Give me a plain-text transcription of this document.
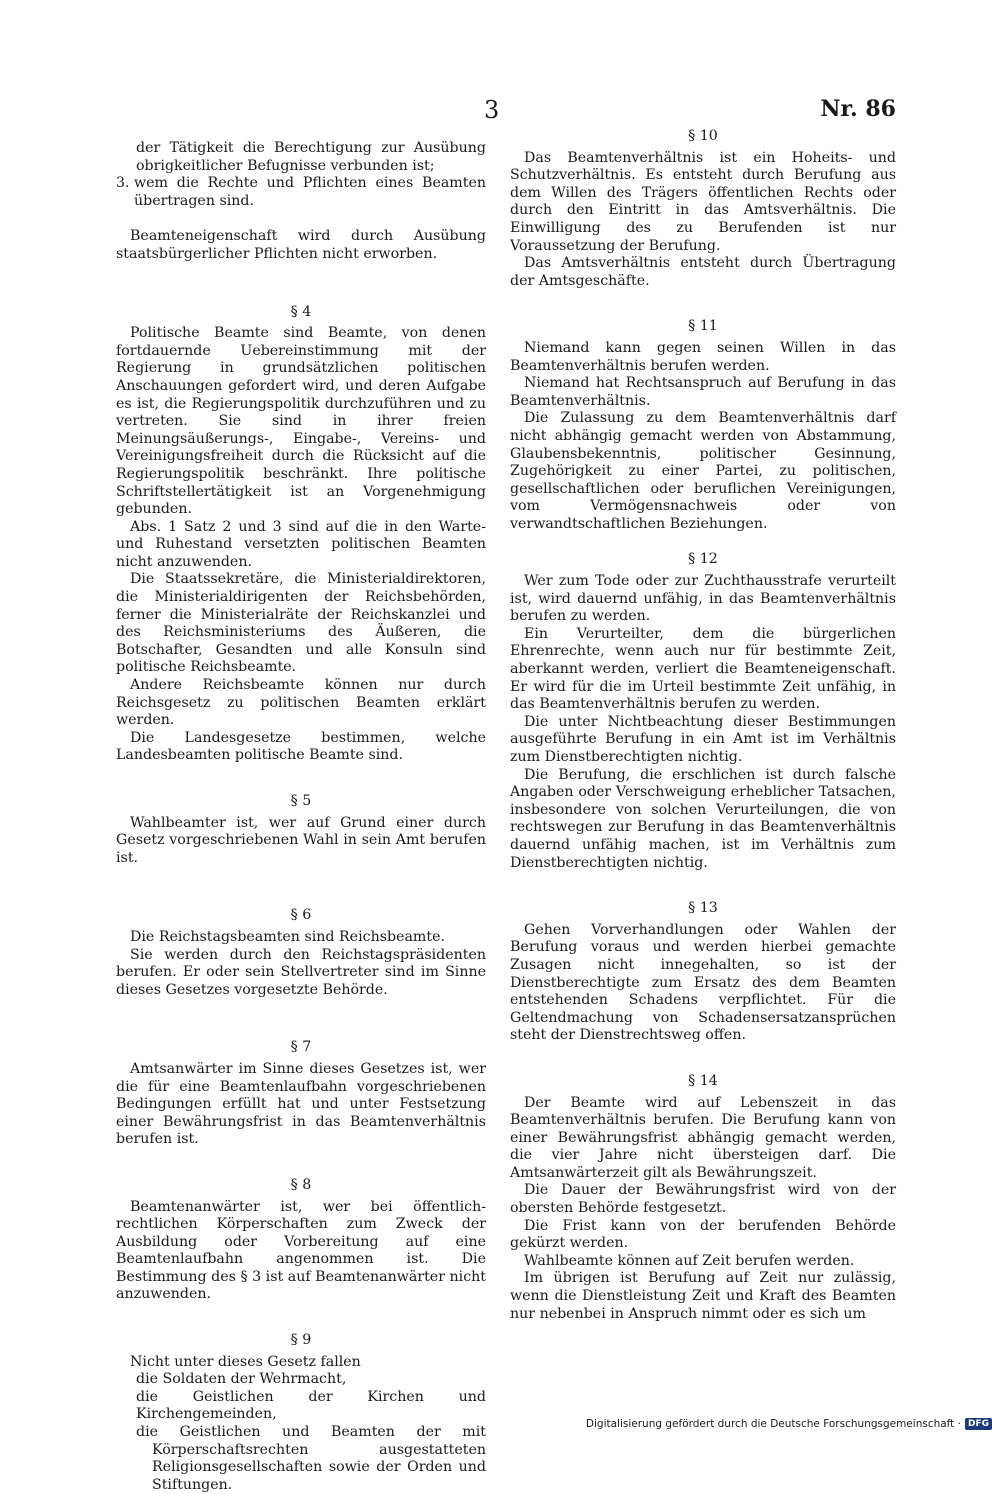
3	Nr. 86

der Tätigkeit die Berechtigung zur Ausübung obrigkeitlicher Befugnisse verbunden ist;

3. wem die Rechte und Pflichten eines Beamten übertragen sind.

Beamteneigenschaft wird durch Ausübung staatsbürgerlicher Pflichten nicht erworben.

§ 4

Politische Beamte sind Beamte, von denen fortdauernde Uebereinstimmung mit der Regierung in grundsätzlichen politischen Anschauungen gefordert wird, und deren Aufgabe es ist, die Regierungspolitik durchzuführen und zu vertreten. Sie sind in ihrer freien Meinungsäußerungs-, Eingabe-, Vereins- und Vereinigungsfreiheit durch die Rücksicht auf die Regierungspolitik beschränkt. Ihre politische Schriftstellertätigkeit ist an Vorgenehmigung gebunden.

Abs. 1 Satz 2 und 3 sind auf die in den Warte- und Ruhestand versetzten politischen Beamten nicht anzuwenden.

Die Staatssekretäre, die Ministerialdirektoren, die Ministerialdirigenten der Reichsbehörden, ferner die Ministerialräte der Reichskanzlei und des Reichsministeriums des Äußeren, die Botschafter, Gesandten und alle Konsuln sind politische Reichsbeamte.

Andere Reichsbeamte können nur durch Reichsgesetz zu politischen Beamten erklärt werden.

Die Landesgesetze bestimmen, welche Landesbeamten politische Beamte sind.

§ 5

Wahlbeamter ist, wer auf Grund einer durch Gesetz vorgeschriebenen Wahl in sein Amt berufen ist.

§ 6

Die Reichstagsbeamten sind Reichsbeamte.

Sie werden durch den Reichstagspräsidenten berufen. Er oder sein Stellvertreter sind im Sinne dieses Gesetzes vorgesetzte Behörde.

§ 7

Amtsanwärter im Sinne dieses Gesetzes ist, wer die für eine Beamtenlaufbahn vorgeschriebenen Bedingungen erfüllt hat und unter Festsetzung einer Bewährungsfrist in das Beamtenverhältnis berufen ist.

§ 8

Beamtenanwärter ist, wer bei öffentlich-rechtlichen Körperschaften zum Zweck der Ausbildung oder Vorbereitung auf eine Beamtenlaufbahn angenommen ist. Die Bestimmung des § 3 ist auf Beamtenanwärter nicht anzuwenden.

§ 9

Nicht unter dieses Gesetz fallen

die Soldaten der Wehrmacht,

die Geistlichen der Kirchen und Kirchengemeinden,

die Geistlichen und Beamten der mit Körperschaftsrechten ausgestatteten Religionsgesellschaften sowie der Orden und Stiftungen.

§ 10

Das Beamtenverhältnis ist ein Hoheits- und Schutzverhältnis. Es entsteht durch Berufung aus dem Willen des Trägers öffentlichen Rechts oder durch den Eintritt in das Amtsverhältnis. Die Einwilligung des zu Berufenden ist nur Voraussetzung der Berufung.

Das Amtsverhältnis entsteht durch Übertragung der Amtsgeschäfte.

§ 11

Niemand kann gegen seinen Willen in das Beamtenverhältnis berufen werden.

Niemand hat Rechtsanspruch auf Berufung in das Beamtenverhältnis.

Die Zulassung zu dem Beamtenverhältnis darf nicht abhängig gemacht werden von Abstammung, Glaubensbekenntnis, politischer Gesinnung, Zugehörigkeit zu einer Partei, zu politischen, gesellschaftlichen oder beruflichen Vereinigungen, vom Vermögensnachweis oder von verwandtschaftlichen Beziehungen.

§ 12

Wer zum Tode oder zur Zuchthausstrafe verurteilt ist, wird dauernd unfähig, in das Beamtenverhältnis berufen zu werden.

Ein Verurteilter, dem die bürgerlichen Ehrenrechte, wenn auch nur für bestimmte Zeit, aberkannt werden, verliert die Beamteneigenschaft. Er wird für die im Urteil bestimmte Zeit unfähig, in das Beamtenverhältnis berufen zu werden.

Die unter Nichtbeachtung dieser Bestimmungen ausgeführte Berufung in ein Amt ist im Verhältnis zum Dienstberechtigten nichtig.

Die Berufung, die erschlichen ist durch falsche Angaben oder Verschweigung erheblicher Tatsachen, insbesondere von solchen Verurteilungen, die von rechtswegen zur Berufung in das Beamtenverhältnis dauernd unfähig machen, ist im Verhältnis zum Dienstberechtigten nichtig.

§ 13

Gehen Vorverhandlungen oder Wahlen der Berufung voraus und werden hierbei gemachte Zusagen nicht innegehalten, so ist der Dienstberechtigte zum Ersatz des dem Beamten entstehenden Schadens verpflichtet. Für die Geltendmachung von Schadensersatzansprüchen steht der Dienstrechtsweg offen.

§ 14

Der Beamte wird auf Lebenszeit in das Beamtenverhältnis berufen. Die Berufung kann von einer Bewährungsfrist abhängig gemacht werden, die vier Jahre nicht übersteigen darf. Die Amtsanwärterzeit gilt als Bewährungszeit.

Die Dauer der Bewährungsfrist wird von der obersten Behörde festgesetzt.

Die Frist kann von der berufenden Behörde gekürzt werden.

Wahlbeamte können auf Zeit berufen werden.

Im übrigen ist Berufung auf Zeit nur zulässig, wenn die Dienstleistung Zeit und Kraft des Beamten nur nebenbei in Anspruch nimmt oder es sich um

Digitalisierung gefördert durch die Deutsche Forschungsgemeinschaft · DFG
